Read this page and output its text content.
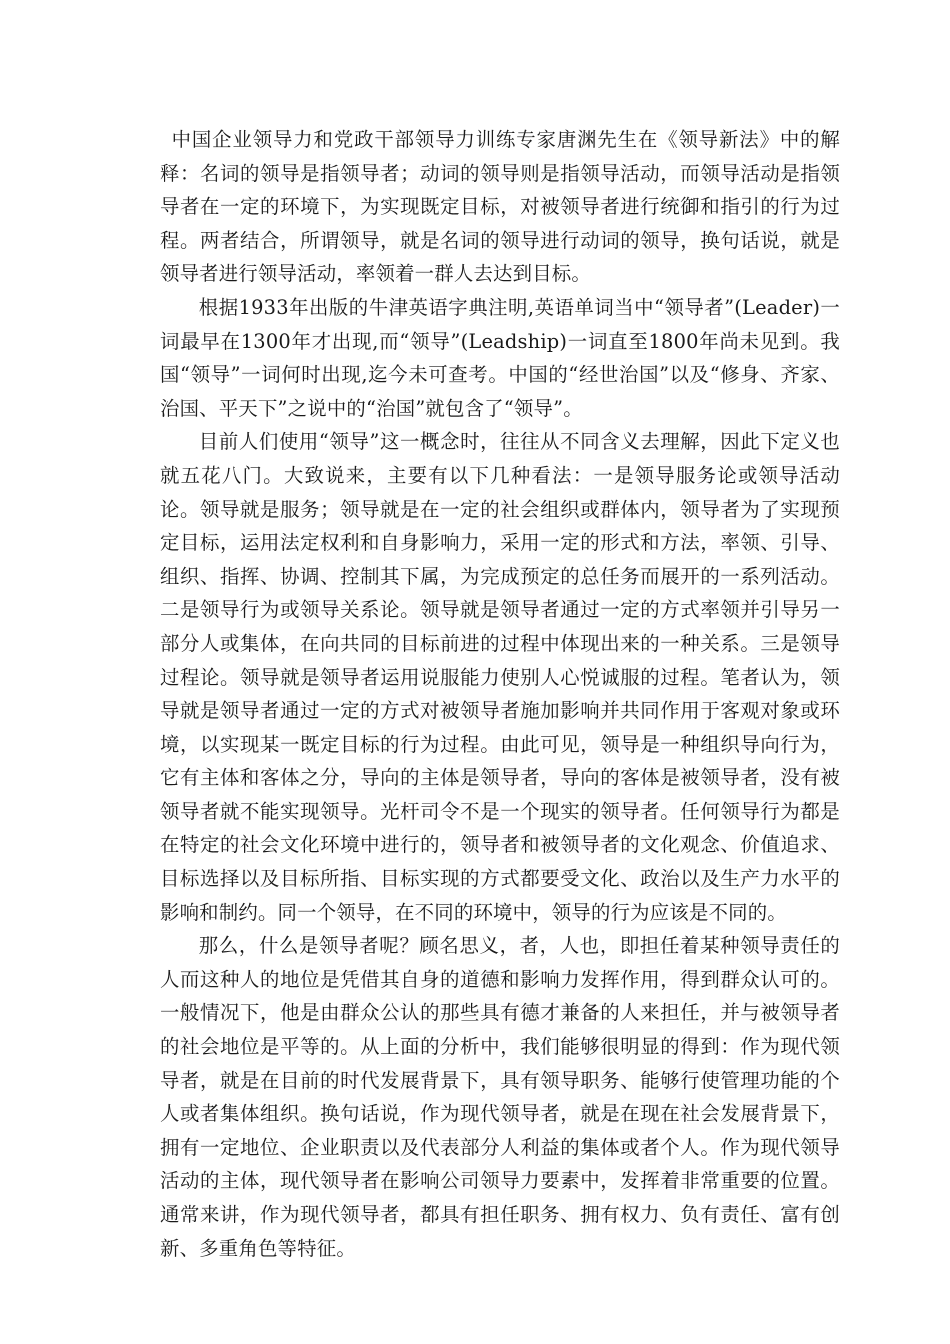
中国企业领导力和党政干部领导力训练专家唐渊先生在《领导新法》中的解释：名词的领导是指领导者；动词的领导则是指领导活动，而领导活动是指领导者在一定的环境下，为实现既定目标，对被领导者进行统御和指引的行为过程。两者结合，所谓领导，就是名词的领导进行动词的领导，换句话说，就是领导者进行领导活动，率领着一群人去达到目标。

根据1933年出版的牛津英语字典注明,英语单词当中“领导者”(Leader)一词最早在1300年才出现,而“领导”(Leadship)一词直至1800年尚未见到。我国“领导”一词何时出现,迄今未可查考。中国的“经世治国”以及“修身、齐家、治国、平天下”之说中的“治国”就包含了“领导”。

目前人们使用“领导”这一概念时，往往从不同含义去理解，因此下定义也就五花八门。大致说来，主要有以下几种看法：一是领导服务论或领导活动论。领导就是服务；领导就是在一定的社会组织或群体内，领导者为了实现预定目标，运用法定权利和自身影响力，采用一定的形式和方法，率领、引导、组织、指挥、协调、控制其下属，为完成预定的总任务而展开的一系列活动。二是领导行为或领导关系论。领导就是领导者通过一定的方式率领并引导另一部分人或集体，在向共同的目标前进的过程中体现出来的一种关系。三是领导过程论。领导就是领导者运用说服能力使别人心悦诚服的过程。笔者认为，领导就是领导者通过一定的方式对被领导者施加影响并共同作用于客观对象或环境，以实现某一既定目标的行为过程。由此可见，领导是一种组织导向行为，它有主体和客体之分，导向的主体是领导者，导向的客体是被领导者，没有被领导者就不能实现领导。光杆司令不是一个现实的领导者。任何领导行为都是在特定的社会文化环境中进行的，领导者和被领导者的文化观念、价值追求、目标选择以及目标所指、目标实现的方式都要受文化、政治以及生产力水平的影响和制约。同一个领导，在不同的环境中，领导的行为应该是不同的。

那么，什么是领导者呢？顾名思义，者，人也，即担任着某种领导责任的人而这种人的地位是凭借其自身的道德和影响力发挥作用，得到群众认可的。一般情况下，他是由群众公认的那些具有德才兼备的人来担任，并与被领导者的社会地位是平等的。从上面的分析中，我们能够很明显的得到：作为现代领导者，就是在目前的时代发展背景下，具有领导职务、能够行使管理功能的个人或者集体组织。换句话说，作为现代领导者，就是在现在社会发展背景下，拥有一定地位、企业职责以及代表部分人利益的集体或者个人。作为现代领导活动的主体，现代领导者在影响公司领导力要素中，发挥着非常重要的位置。通常来讲，作为现代领导者，都具有担任职务、拥有权力、负有责任、富有创新、多重角色等特征。
